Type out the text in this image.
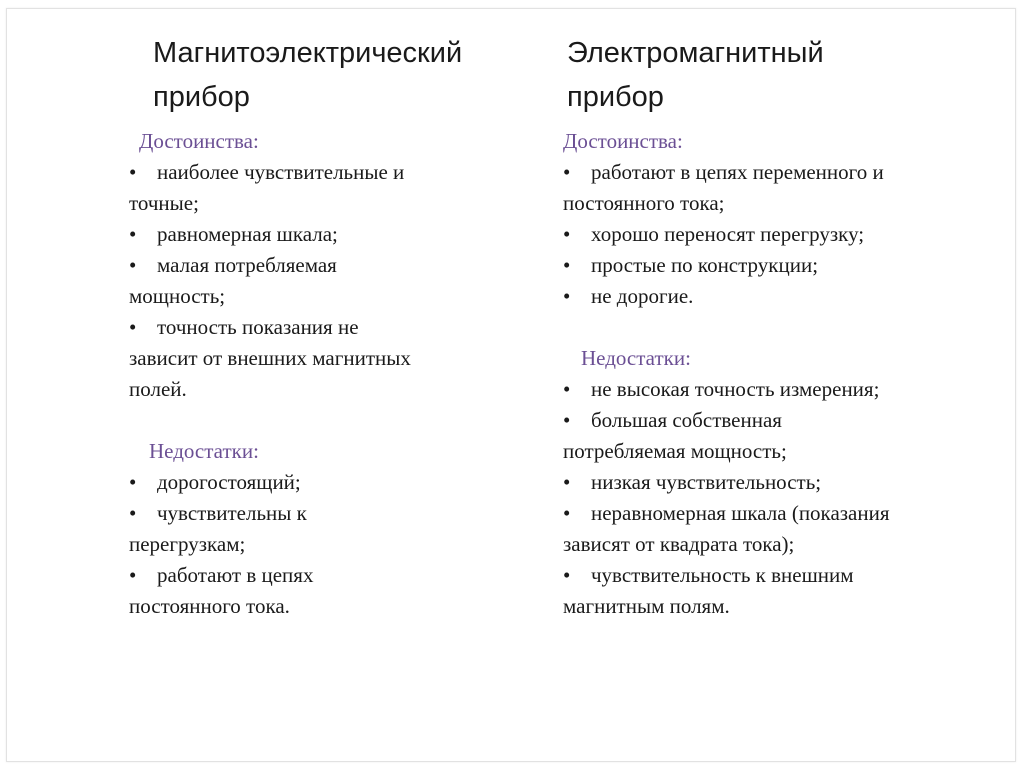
Магнитоэлектрический
прибор
Электромагнитный
прибор
Достоинства:
• наиболее чувствительные и
точные;
• равномерная шкала;
• малая потребляемая
мощность;
• точность показания не
зависит от внешних магнитных
полей.
Недостатки:
• дорогостоящий;
• чувствительны к
перегрузкам;
• работают в цепях
постоянного тока.
Достоинства:
• работают в цепях переменного и
постоянного тока;
• хорошо переносят перегрузку;
• простые по конструкции;
• не дорогие.
Недостатки:
• не высокая точность измерения;
• большая собственная
потребляемая мощность;
• низкая чувствительность;
• неравномерная шкала (показания
зависят от квадрата тока);
• чувствительность к внешним
магнитным полям.
